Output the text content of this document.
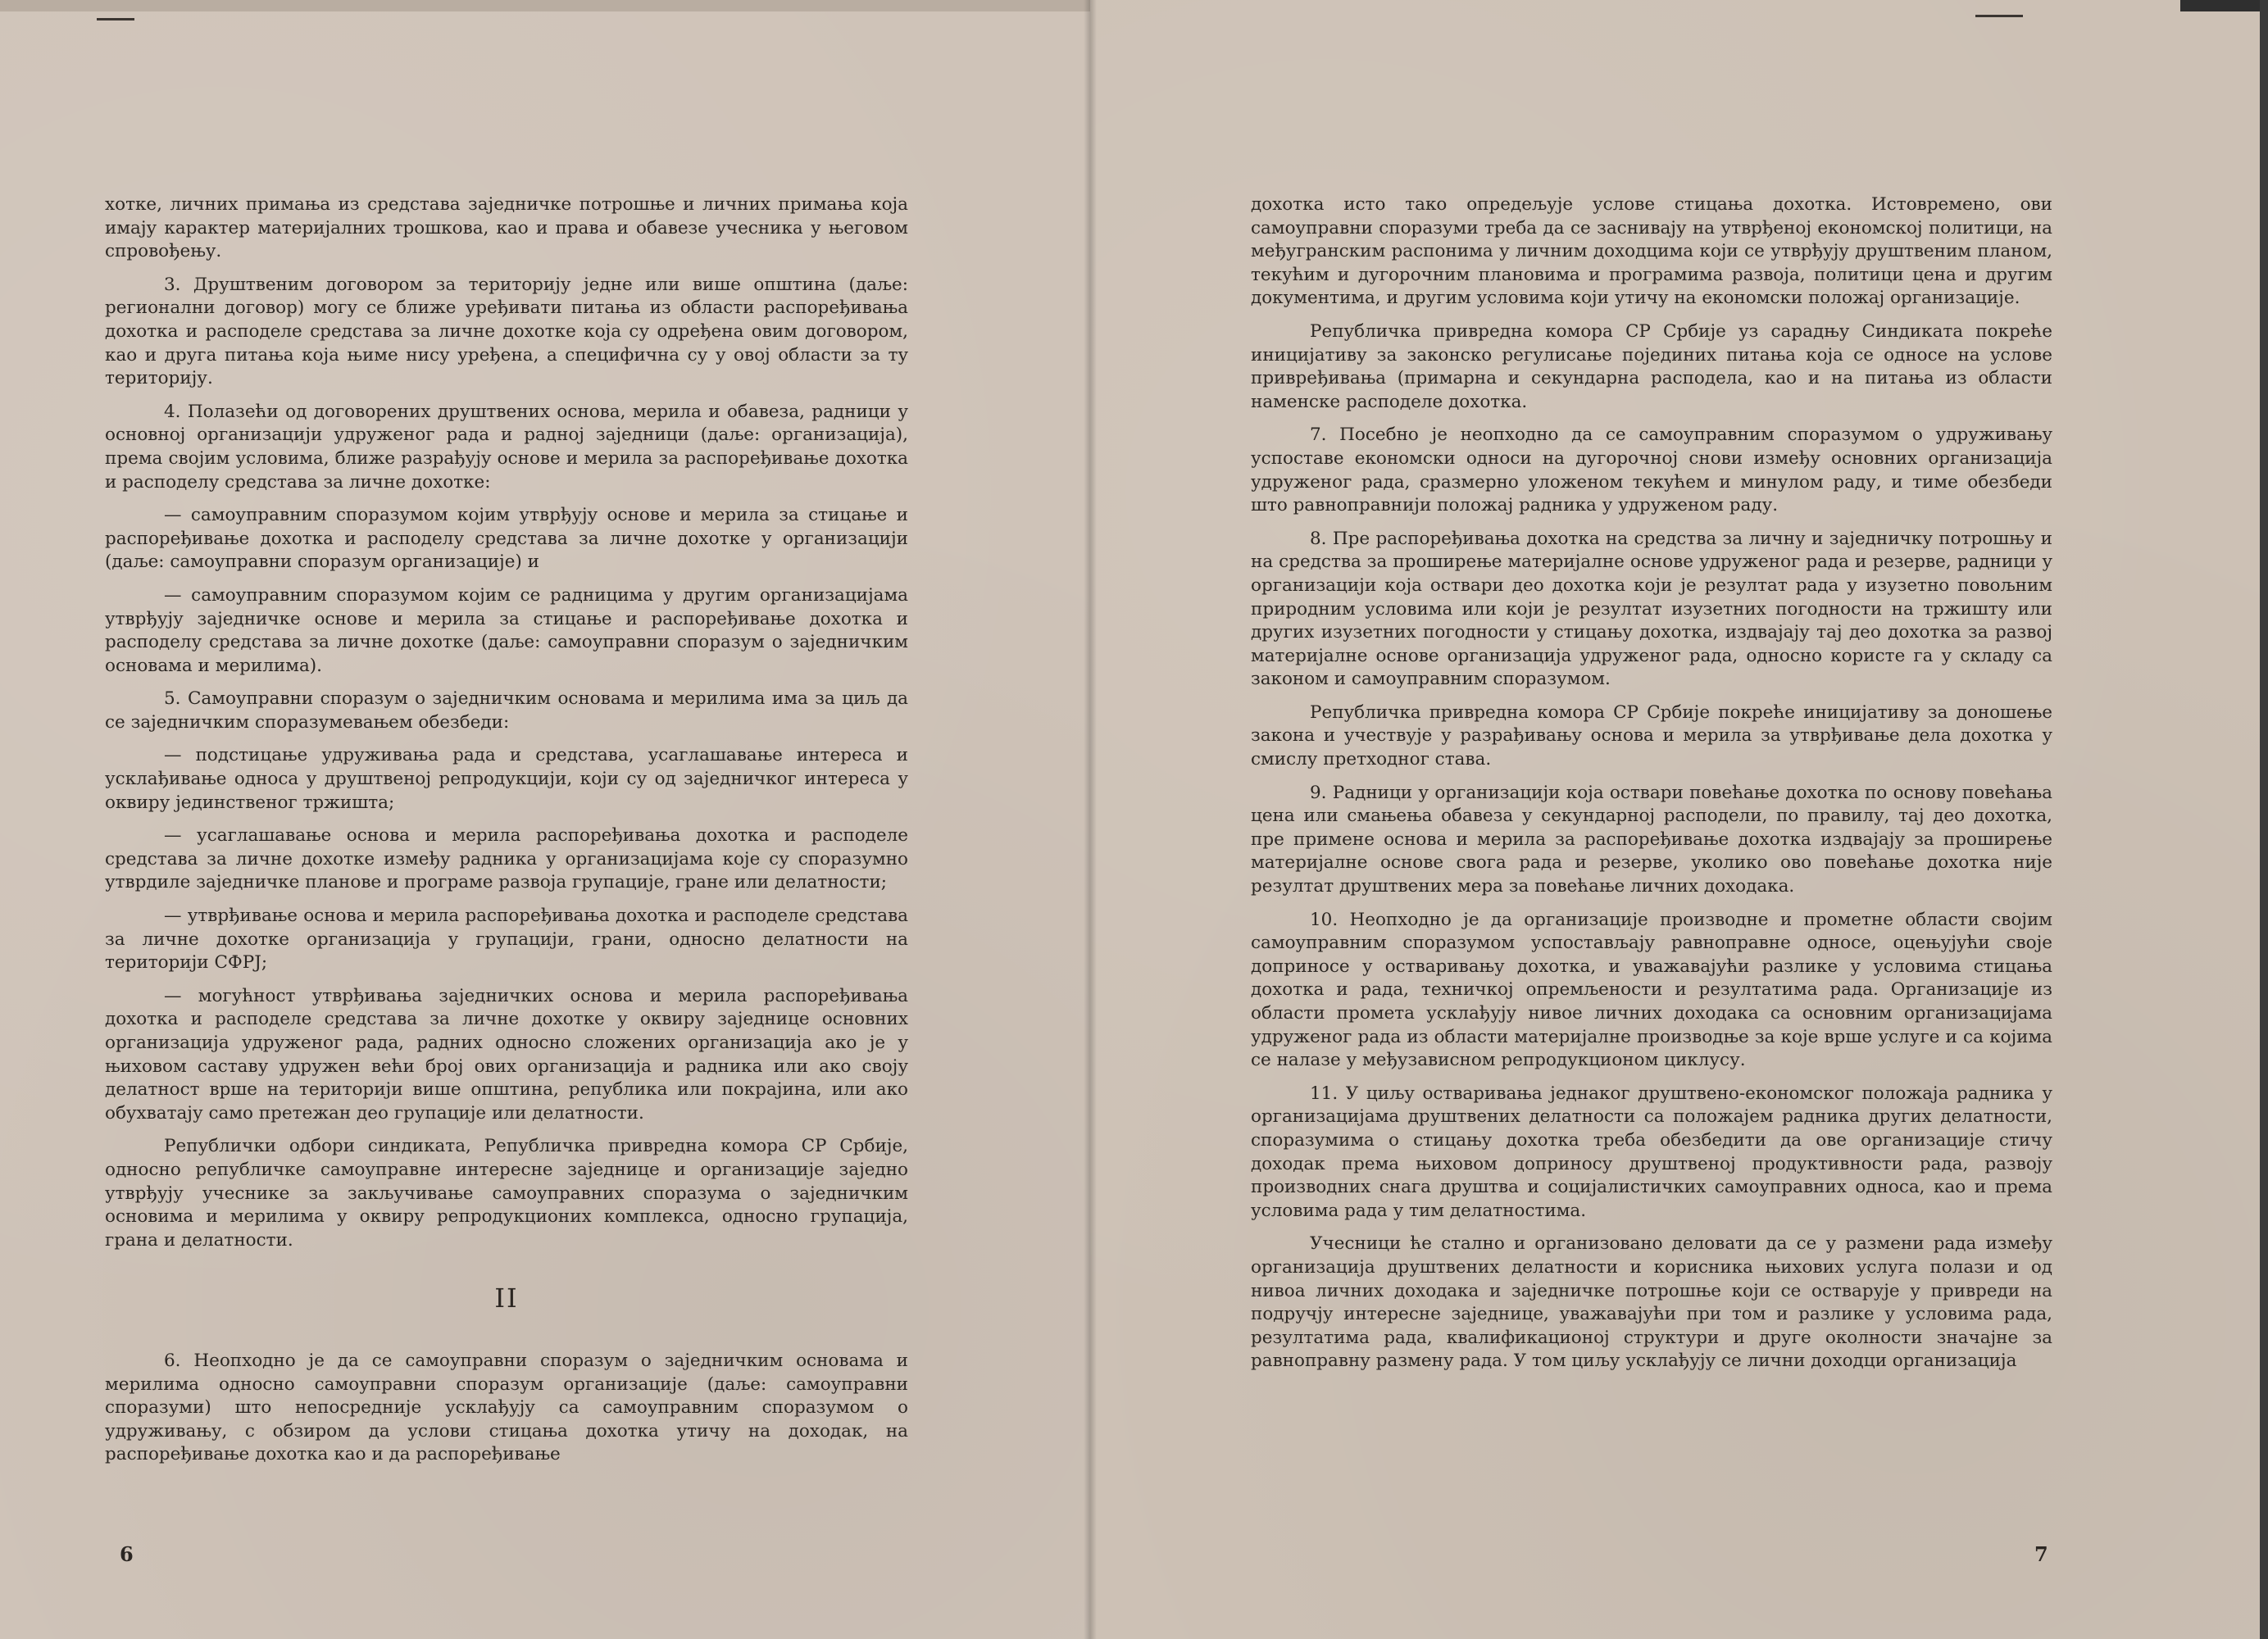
хотке, личних примања из средстава заједничке потрошње и личних примања која имају карактер материјалних трошкова, као и права и обавезе учесника у његовом спровођењу.

3. Друштвеним договором за територију једне или више општина (даље: регионални договор) могу се ближе уређивати питања из области распоређивања дохотка и расподеле средстава за личне дохотке која су одређена овим договором, као и друга питања која њиме нису уређена, а специфична су у овој области за ту територију.

4. Полазећи од договорених друштвених основа, мерила и обавеза, радници у основној организацији удруженог рада и радној заједници (даље: организација), према својим условима, ближе разрађују основе и мерила за распоређивање дохотка и расподелу средстава за личне дохотке:

— самоуправним споразумом којим утврђују основе и мерила за стицање и распоређивање дохотка и расподелу средстава за личне дохотке у организацији (даље: самоуправни споразум организације) и

— самоуправним споразумом којим се радницима у другим организацијама утврђују заједничке основе и мерила за стицање и распоређивање дохотка и расподелу средстава за личне дохотке (даље: самоуправни споразум о заједничким основама и мерилима).

5. Самоуправни споразум о заједничким основама и мерилима има за циљ да се заједничким споразумевањем обезбеди:

— подстицање удруживања рада и средстава, усаглашавање интереса и усклађивање односа у друштвеној репродукцији, који су од заједничког интереса у оквиру јединственог тржишта;

— усаглашавање основа и мерила распоређивања дохотка и расподеле средстава за личне дохотке између радника у организацијама које су споразумно утврдиле заједничке планове и програме развоја групације, гране или делатности;

— утврђивање основа и мерила распоређивања дохотка и расподеле средстава за личне дохотке организација у групацији, грани, односно делатности на територији СФРЈ;

— могућност утврђивања заједничких основа и мерила распоређивања дохотка и расподеле средстава за личне дохотке у оквиру заједнице основних организација удруженог рада, радних односно сложених организација ако је у њиховом саставу удружен већи број ових организација и радника или ако своју делатност врше на територији више општина, република или покрајина, или ако обухватају само претежан део групације или делатности.

Републички одбори синдиката, Републичка привредна комора СР Србије, односно републичке самоуправне интересне заједнице и организације заједно утврђују учеснике за закључивање самоуправних споразума о заједничким основима и мерилима у оквиру репродукционих комплекса, односно групација, грана и делатности.

II

6. Неопходно је да се самоуправни споразум о заједничким основама и мерилима односно самоуправни споразум организације (даље: самоуправни споразуми) што непосредније усклађују са самоуправним споразумом о удруживању, с обзиром да услови стицања дохотка утичу на доходак, на распоређивање дохотка као и да распоређивање

6

дохотка исто тако опредељује услове стицања дохотка. Истовремено, ови самоуправни споразуми треба да се заснивају на утврђеној економској политици, на међугранским распонима у личним доходцима који се утврђују друштвеним планом, текућим и дугорочним плановима и програмима развоја, политици цена и другим документима, и другим условима који утичу на економски положај организације.

Републичка привредна комора СР Србије уз сарадњу Синдиката покреће иницијативу за законско регулисање појединих питања која се односе на услове привређивања (примарна и секундарна расподела, као и на питања из области наменске расподеле дохотка.

7. Посебно је неопходно да се самоуправним споразумом о удруживању успоставе економски односи на дугорочној снови између основних организација удруженог рада, сразмерно уложеном текућем и минулом раду, и тиме обезбеди што равноправнији положај радника у удруженом раду.

8. Пре распоређивања дохотка на средства за личну и заједничку потрошњу и на средства за проширење материјалне основе удруженог рада и резерве, радници у организацији која оствари део дохотка који је резултат рада у изузетно повољним природним условима или који је резултат изузетних погодности на тржишту или других изузетних погодности у стицању дохотка, издвајају тај део дохотка за развој материјалне основе организација удруженог рада, односно користе га у складу са законом и самоуправним споразумом.

Републичка привредна комора СР Србије покреће иницијативу за доношење закона и учествује у разрађивању основа и мерила за утврђивање дела дохотка у смислу претходног става.

9. Радници у организацији која оствари повећање дохотка по основу повећања цена или смањења обавеза у секундарној расподели, по правилу, тај део дохотка, пре примене основа и мерила за распоређивање дохотка издвајају за проширење материјалне основе свога рада и резерве, уколико ово повећање дохотка није резултат друштвених мера за повећање личних доходака.

10. Неопходно је да организације производне и прометне области својим самоуправним споразумом успостављају равноправне односе, оцењујући своје доприносе у остваривању дохотка, и уважавајући разлике у условима стицања дохотка и рада, техничкој опремљености и резултатима рада. Организације из области промета усклађују нивое личних доходака са основним организацијама удруженог рада из области материјалне производње за које врше услуге и са којима се налазе у међузависном репродукционом циклусу.

11. У циљу остваривања једнаког друштвено-економског положаја радника у организацијама друштвених делатности са положајем радника других делатности, споразумима о стицању дохотка треба обезбедити да ове организације стичу доходак према њиховом доприносу друштвеној продуктивности рада, развоју производних снага друштва и социјалистичких самоуправних односа, као и према условима рада у тим делатностима.

Учесници ће стално и организовано деловати да се у размени рада између организација друштвених делатности и корисника њихових услуга полази и од нивоа личних доходака и заједничке потрошње који се остварује у привреди на подручју интересне заједнице, уважавајући при том и разлике у условима рада, резултатима рада, квалификационој структури и друге околности значајне за равноправну размену рада. У том циљу усклађују се лични доходци организација

7
